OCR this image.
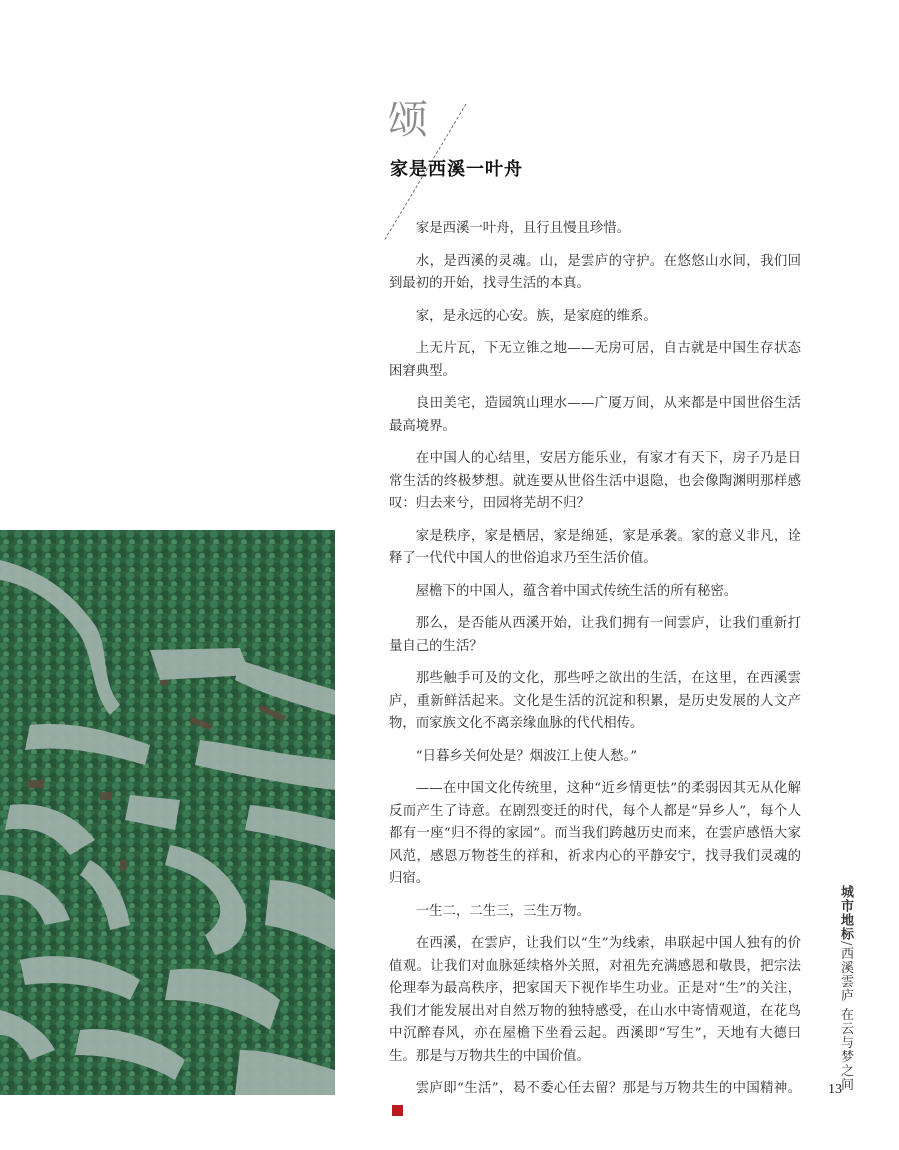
颂
家是西溪一叶舟

家是西溪一叶舟，且行且慢且珍惜。

水，是西溪的灵魂。山，是雲庐的守护。在悠悠山水间，我们回到最初的开始，找寻生活的本真。

家，是永远的心安。族，是家庭的维系。

上无片瓦，下无立锥之地——无房可居，自古就是中国生存状态困窘典型。

良田美宅，造园筑山理水——广厦万间，从来都是中国世俗生活最高境界。

在中国人的心结里，安居方能乐业，有家才有天下，房子乃是日常生活的终极梦想。就连要从世俗生活中退隐，也会像陶渊明那样感叹：归去来兮，田园将芜胡不归？

家是秩序，家是栖居，家是绵延，家是承袭。家的意义非凡，诠释了一代代中国人的世俗追求乃至生活价值。

屋檐下的中国人，蕴含着中国式传统生活的所有秘密。

那么，是否能从西溪开始，让我们拥有一间雲庐，让我们重新打量自己的生活？

那些触手可及的文化，那些呼之欲出的生活，在这里，在西溪雲庐，重新鲜活起来。文化是生活的沉淀和积累，是历史发展的人文产物，而家族文化不离亲缘血脉的代代相传。

“日暮乡关何处是？烟波江上使人愁。”

——在中国文化传统里，这种“近乡情更怯”的柔弱因其无从化解反而产生了诗意。在剧烈变迁的时代，每个人都是“异乡人”，每个人都有一座“归不得的家园”。而当我们跨越历史而来，在雲庐感悟大家风范，感恩万物苍生的祥和，祈求内心的平静安宁，找寻我们灵魂的归宿。

一生二，二生三，三生万物。

在西溪，在雲庐，让我们以“生”为线索，串联起中国人独有的价值观。让我们对血脉延续格外关照，对祖先充满感恩和敬畏，把宗法伦理奉为最高秩序，把家国天下视作毕生功业。正是对“生”的关注，我们才能发展出对自然万物的独特感受，在山水中寄情观道，在花鸟中沉醉春风，亦在屋檐下坐看云起。西溪即“写生”，天地有大德曰生。那是与万物共生的中国价值。

雲庐即“生活”，曷不委心任去留？那是与万物共生的中国精神。

城市地标/西溪雲庐 在云与梦之间
13
